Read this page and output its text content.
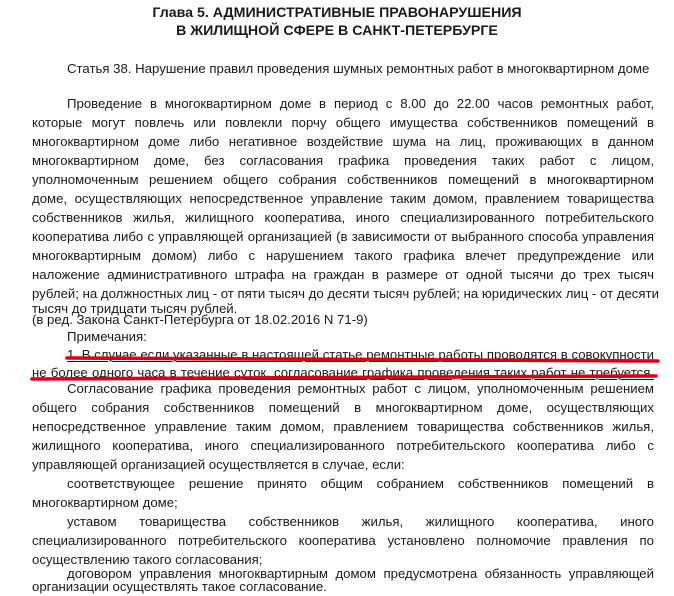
Глава 5. АДМИНИСТРАТИВНЫЕ ПРАВОНАРУШЕНИЯ
В ЖИЛИЩНОЙ СФЕРЕ В САНКТ-ПЕТЕРБУРГЕ
Статья 38. Нарушение правил проведения шумных ремонтных работ в многоквартирном доме
Проведение в многоквартирном доме в период с 8.00 до 22.00 часов ремонтных работ,
которые могут повлечь или повлекли порчу общего имущества собственников помещений в
многоквартирном доме либо негативное воздействие шума на лиц, проживающих в данном
многоквартирном доме, без согласования графика проведения таких работ с лицом,
уполномоченным решением общего собрания собственников помещений в многоквартирном
доме, осуществляющих непосредственное управление таким домом, правлением товарищества
собственников жилья, жилищного кооператива, иного специализированного потребительского
кооператива либо с управляющей организацией (в зависимости от выбранного способа управления
многоквартирным домом) либо с нарушением такого графика влечет предупреждение или
наложение административного штрафа на граждан в размере от одной тысячи до трех тысяч
рублей; на должностных лиц - от пяти тысяч до десяти тысяч рублей; на юридических лиц - от десяти
тысяч до тридцати тысяч рублей.
(в ред. Закона Санкт-Петербурга от 18.02.2016 N 71-9)
Примечания:
1. В случае если указанные в настоящей статье ремонтные работы проводятся в совокупности
не более одного часа в течение суток, согласование графика проведения таких работ не требуется.
Согласование графика проведения ремонтных работ с лицом, уполномоченным решением
общего собрания собственников помещений в многоквартирном доме, осуществляющих
непосредственное управление таким домом, правлением товарищества собственников жилья,
жилищного кооператива, иного специализированного потребительского кооператива либо с
управляющей организацией осуществляется в случае, если:
соответствующее решение принято общим собранием собственников помещений в
многоквартирном доме;
уставом товарищества собственников жилья, жилищного кооператива, иного
специализированного потребительского кооператива установлено полномочие правления по
осуществлению такого согласования;
договором управления многоквартирным домом предусмотрена обязанность управляющей
организации осуществлять такое согласование.
